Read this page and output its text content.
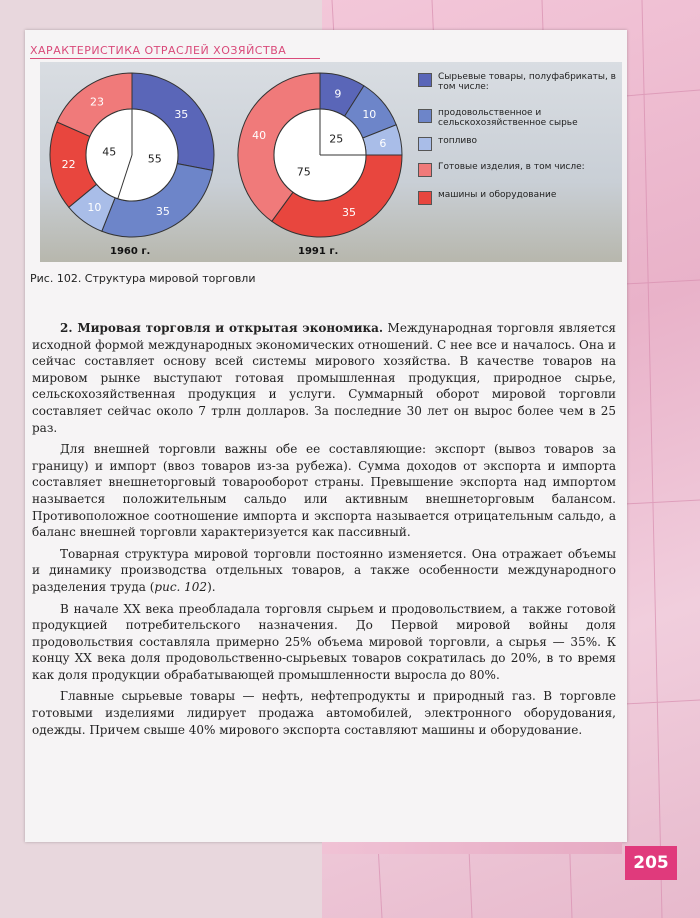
ХАРАКТЕРИСТИКА ОТРАСЛЕЙ ХОЗЯЙСТВА
35
35
10
22
23
55
45
9
10
6
35
40	25
75
1960 г.	1991 г.
Сырьевые товары, полуфабрикаты, в том числе:
продовольственное и сельскохозяйственное сырье
топливо
Готовые изделия, в том числе:
машины и оборудование
Рис. 102. Структура мировой торговли

2. Мировая торговля и открытая экономика. Международная торговля является исходной формой международных экономических отношений. С нее все и началось. Она и сейчас составляет основу всей системы мирового хозяйства. В качестве товаров на мировом рынке выступают готовая промышленная продукция, природное сырье, сельскохозяйственная продукция и услуги. Суммарный оборот мировой торговли составляет сейчас около 7 трлн долларов. За последние 30 лет он вырос более чем в 25 раз.

Для внешней торговли важны обе ее составляющие: экспорт (вывоз товаров за границу) и импорт (ввоз товаров из-за рубежа). Сумма доходов от экспорта и импорта составляет внешнеторговый товарооборот страны. Превышение экспорта над импортом называется положительным сальдо или активным внешнеторговым балансом. Противоположное соотношение импорта и экспорта называется отрицательным сальдо, а баланс внешней торговли характеризуется как пассивный.

Товарная структура мировой торговли постоянно изменяется. Она отражает объемы и динамику производства отдельных товаров, а также особенности международного разделения труда (рис. 102).

В начале XX века преобладала торговля сырьем и продовольствием, а также готовой продукцией потребительского назначения. До Первой мировой войны доля продовольствия составляла примерно 25% объема мировой торговли, а сырья — 35%. К концу XX века доля продовольственно-сырьевых товаров сократилась до 20%, в то время как доля продукции обрабатывающей промышленности выросла до 80%.

Главные сырьевые товары — нефть, нефтепродукты и природный газ. В торговле готовыми изделиями лидирует продажа автомобилей, электронного оборудования, одежды. Причем свыше 40% мирового экспорта составляют машины и оборудование.

205
